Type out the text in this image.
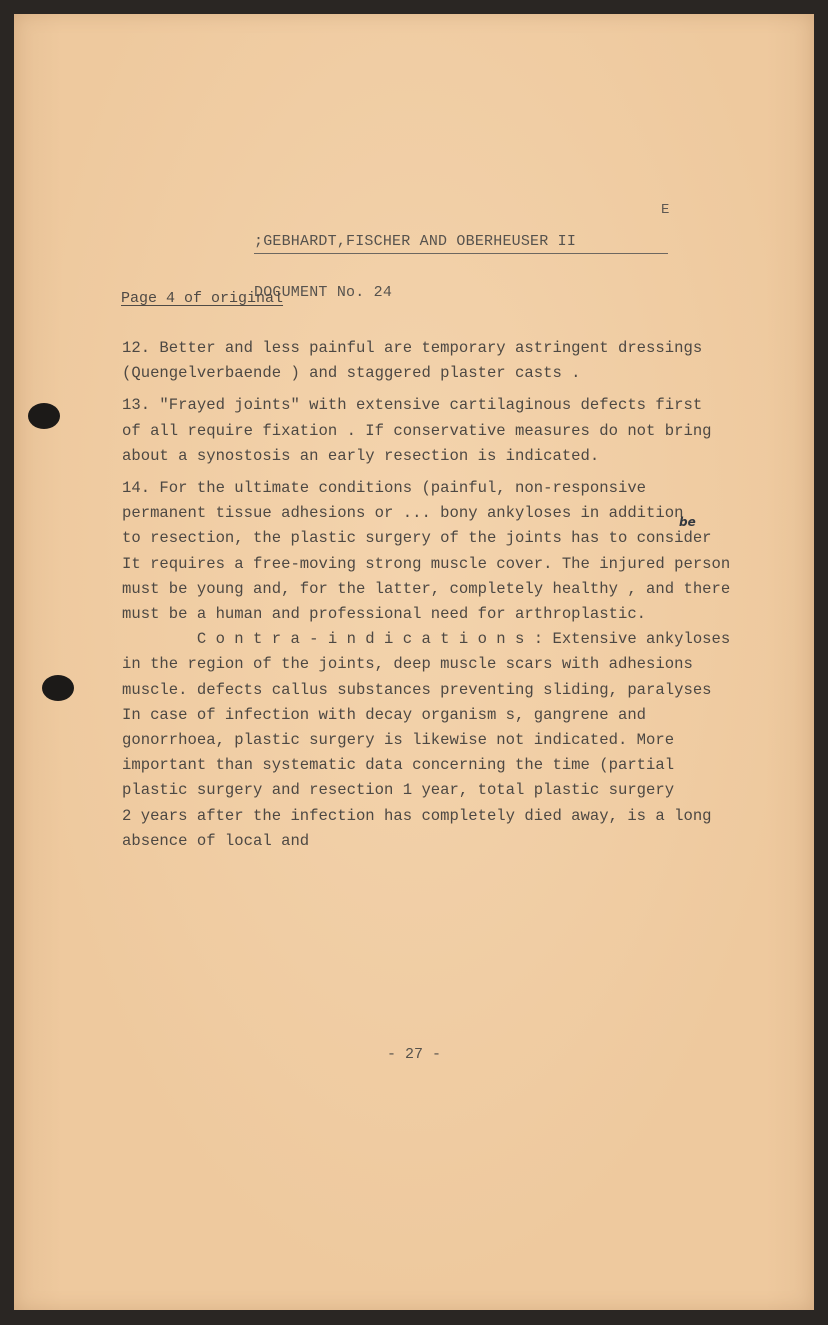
;GEBHARDT,FISCHER AND OBERHEUSER II

DOCUMENT No. 24

E
Page 4 of original
12. Better and less painful are temporary astringent dressings
(Quengelverbaende ) and staggered plaster casts .
13. "Frayed joints" with extensive cartilaginous defects first
of all require fixation . If conservative measures do not bring
about a synostosis an early resection is indicated.
14. For the ultimate conditions (painful, non-responsive
permanent tissue adhesions or ... bony ankyloses in addition
be
to resection, the plastic surgery of the joints has to consider
It requires a free-moving strong muscle cover. The injured person
must be young and, for the latter, completely healthy , and there
must be a human and professional need for arthroplastic.
C o n t r a - i n d i c a t i o n s : Extensive ankyloses
in the region of the joints, deep muscle scars with adhesions
muscle. defects callus substances preventing sliding, paralyses
In case of infection with decay organism s, gangrene and
gonorrhoea, plastic surgery is likewise not indicated. More
important than systematic data concerning the time (partial
plastic surgery and resection 1 year, total plastic surgery
2 years after the infection has completely died away, is a long
absence of local and
- 27 -
